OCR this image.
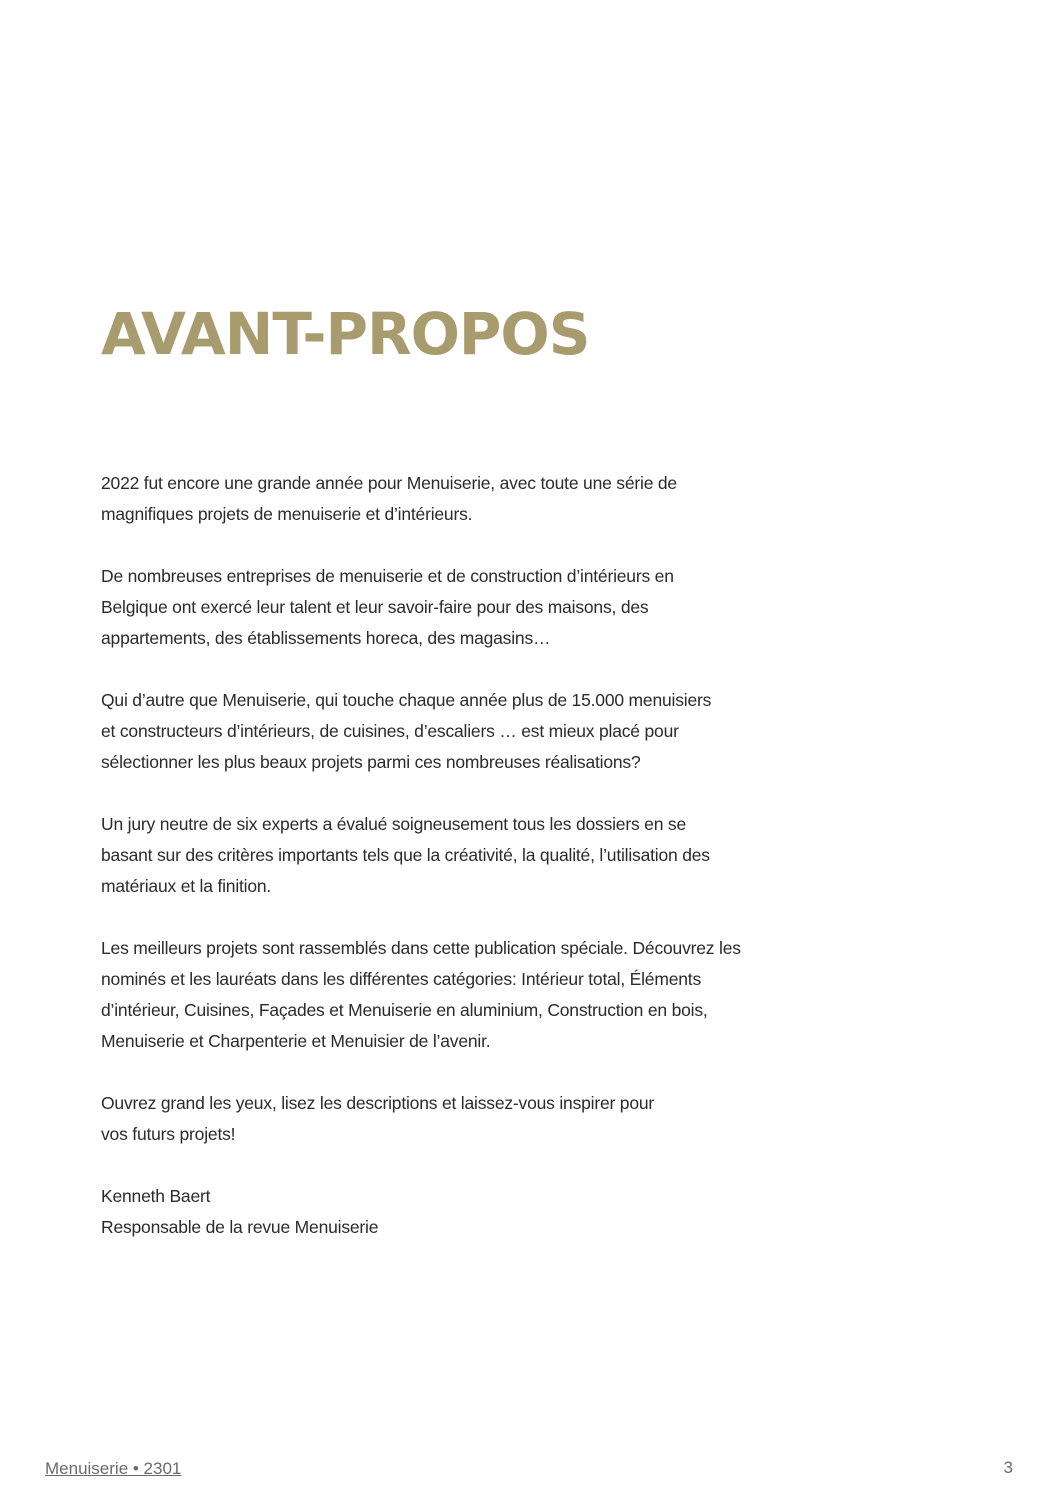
AVANT-PROPOS

2022 fut encore une grande année pour Menuiserie, avec toute une série de
magnifiques projets de menuiserie et d’intérieurs.

De nombreuses entreprises de menuiserie et de construction d’intérieurs en
Belgique ont exercé leur talent et leur savoir-faire pour des maisons, des
appartements, des établissements horeca, des magasins…

Qui d’autre que Menuiserie, qui touche chaque année plus de 15.000 menuisiers
et constructeurs d’intérieurs, de cuisines, d’escaliers … est mieux placé pour
sélectionner les plus beaux projets parmi ces nombreuses réalisations?

Un jury neutre de six experts a évalué soigneusement tous les dossiers en se
basant sur des critères importants tels que la créativité, la qualité, l’utilisation des
matériaux et la finition.

Les meilleurs projets sont rassemblés dans cette publication spéciale. Découvrez les
nominés et les lauréats dans les différentes catégories: Intérieur total, Éléments
d’intérieur, Cuisines, Façades et Menuiserie en aluminium, Construction en bois,
Menuiserie et Charpenterie et Menuisier de l’avenir.

Ouvrez grand les yeux, lisez les descriptions et laissez-vous inspirer pour
vos futurs projets!

Kenneth Baert
Responsable de la revue Menuiserie

Menuiserie • 2301	3
